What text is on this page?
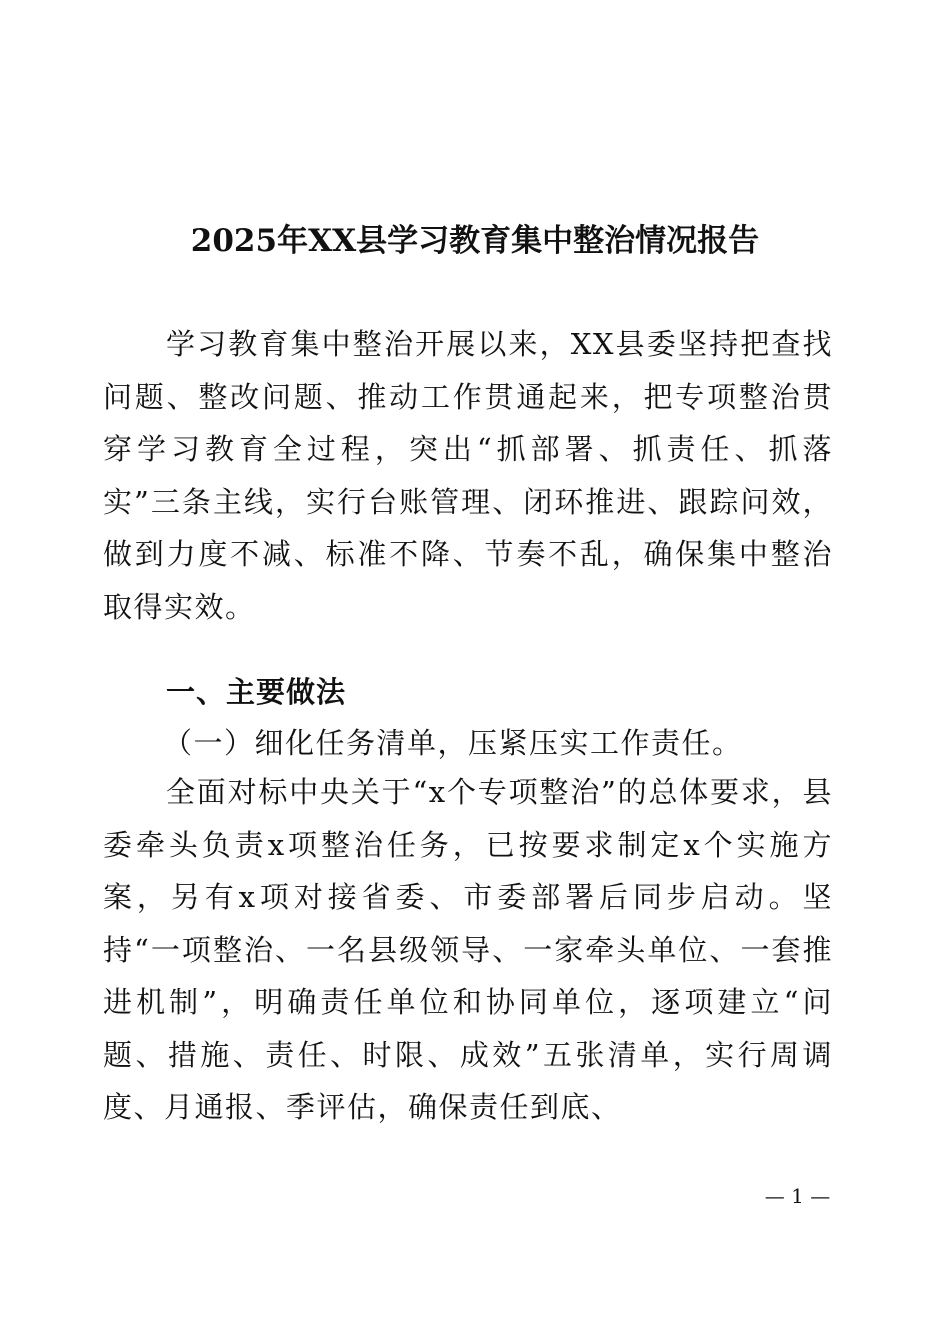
2025年XX县学习教育集中整治情况报告
学习教育集中整治开展以来，XX县委坚持把查找问题、整改问题、推动工作贯通起来，把专项整治贯穿学习教育全过程，突出“抓部署、抓责任、抓落实”三条主线，实行台账管理、闭环推进、跟踪问效，做到力度不减、标准不降、节奏不乱，确保集中整治取得实效。
一、主要做法
（一）细化任务清单，压紧压实工作责任。
全面对标中央关于“x个专项整治”的总体要求，县委牵头负责x项整治任务，已按要求制定x个实施方案，另有x项对接省委、市委部署后同步启动。坚持“一项整治、一名县级领导、一家牵头单位、一套推进机制”，明确责任单位和协同单位，逐项建立“问题、措施、责任、时限、成效”五张清单，实行周调度、月通报、季评估，确保责任到底、
— 1 —
